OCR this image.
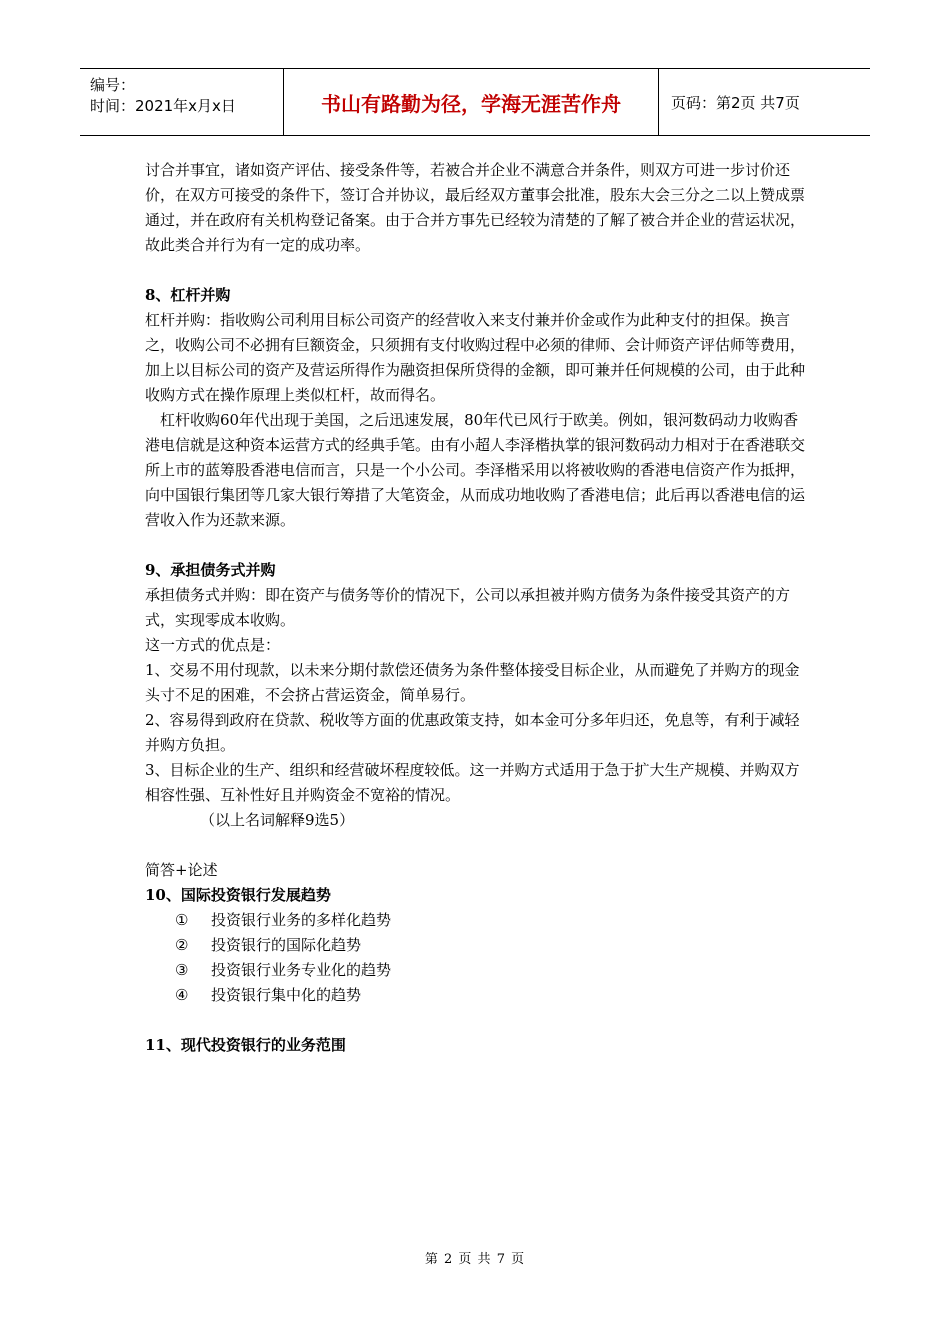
编号：
时间：2021年x月x日	书山有路勤为径，学海无涯苦作舟	页码：第2页 共7页

讨合并事宜，诸如资产评估、接受条件等，若被合并企业不满意合并条件，则双方可进一步讨价还价，在双方可接受的条件下，签订合并协议，最后经双方董事会批准，股东大会三分之二以上赞成票通过，并在政府有关机构登记备案。由于合并方事先已经较为清楚的了解了被合并企业的营运状况，故此类合并行为有一定的成功率。

8、杠杆并购

杠杆并购：指收购公司利用目标公司资产的经营收入来支付兼并价金或作为此种支付的担保。换言之，收购公司不必拥有巨额资金，只须拥有支付收购过程中必须的律师、会计师资产评估师等费用，加上以目标公司的资产及营运所得作为融资担保所贷得的金额，即可兼并任何规模的公司，由于此种收购方式在操作原理上类似杠杆，故而得名。

杠杆收购60年代出现于美国，之后迅速发展，80年代已风行于欧美。例如，银河数码动力收购香港电信就是这种资本运营方式的经典手笔。由有小超人李泽楷执掌的银河数码动力相对于在香港联交所上市的蓝筹股香港电信而言，只是一个小公司。李泽楷采用以将被收购的香港电信资产作为抵押，向中国银行集团等几家大银行筹措了大笔资金，从而成功地收购了香港电信；此后再以香港电信的运营收入作为还款来源。

9、承担债务式并购

承担债务式并购：即在资产与债务等价的情况下，公司以承担被并购方债务为条件接受其资产的方式，实现零成本收购。

这一方式的优点是：

1、交易不用付现款，以未来分期付款偿还债务为条件整体接受目标企业，从而避免了并购方的现金头寸不足的困难，不会挤占营运资金，简单易行。

2、容易得到政府在贷款、税收等方面的优惠政策支持，如本金可分多年归还，免息等，有利于减轻并购方负担。

3、目标企业的生产、组织和经营破坏程度较低。这一并购方式适用于急于扩大生产规模、并购双方相容性强、互补性好且并购资金不宽裕的情况。

（以上名词解释9选5）

简答+论述

10、国际投资银行发展趋势

①	投资银行业务的多样化趋势
②	投资银行的国际化趋势
③	投资银行业务专业化的趋势
④	投资银行集中化的趋势

11、现代投资银行的业务范围

第 2 页 共 7 页
